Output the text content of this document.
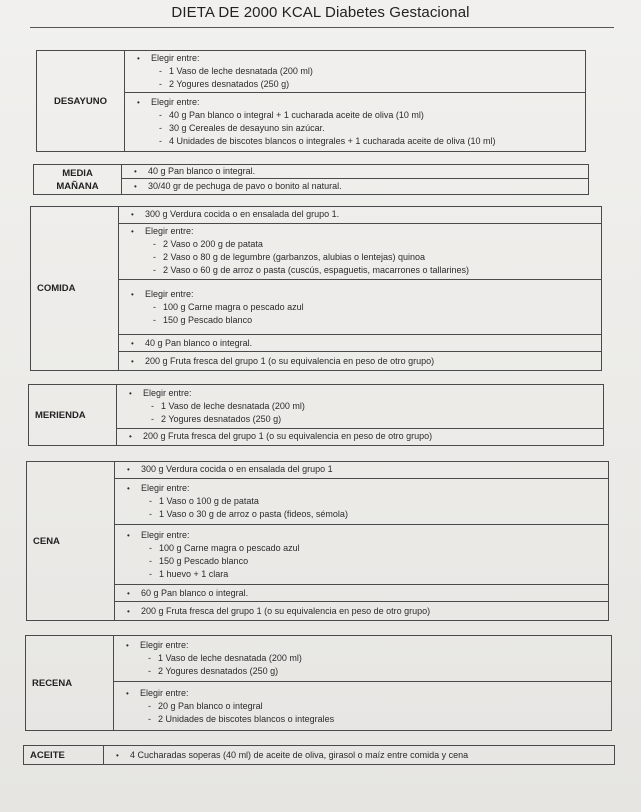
DIETA DE 2000 KCAL Diabetes Gestacional
DESAYUNO
•	Elegir entre:
- 1 Vaso de leche desnatada (200 ml)
- 2 Yogures desnatados (250 g)
•	Elegir entre:
- 40 g Pan blanco o integral + 1 cucharada aceite de oliva (10 ml)
- 30 g Cereales de desayuno sin azúcar.
- 4 Unidades de biscotes blancos o integrales + 1 cucharada aceite de oliva (10 ml)
MEDIA MAÑANA
•	40 g Pan blanco o integral.
•	30/40 gr de pechuga de pavo o bonito al natural.
COMIDA
•	300 g Verdura cocida o en ensalada del grupo 1.
•	Elegir entre:
- 2 Vaso o 200 g de patata
- 2 Vaso o 80 g de legumbre (garbanzos, alubias o lentejas) quinoa
- 2 Vaso o 60 g de arroz o pasta (cuscús, espaguetis, macarrones o tallarines)
•	Elegir entre:
- 100 g Carne magra o pescado azul
- 150 g Pescado blanco
•	40 g Pan blanco o integral.
•	200 g Fruta fresca del grupo 1 (o su equivalencia en peso de otro grupo)
MERIENDA
•	Elegir entre:
- 1 Vaso de leche desnatada (200 ml)
- 2 Yogures desnatados (250 g)
•	200 g Fruta fresca del grupo 1 (o su equivalencia en peso de otro grupo)
CENA
•	300 g Verdura cocida o en ensalada del grupo 1
•	Elegir entre:
- 1 Vaso o 100 g de patata
- 1 Vaso o 30 g de arroz o pasta (fideos, sémola)
•	Elegir entre:
- 100 g Carne magra o pescado azul
- 150 g Pescado blanco
- 1 huevo + 1 clara
•	60 g Pan blanco o integral.
•	200 g Fruta fresca del grupo 1 (o su equivalencia en peso de otro grupo)
RECENA
•	Elegir entre:
- 1 Vaso de leche desnatada (200 ml)
- 2 Yogures desnatados (250 g)
•	Elegir entre:
- 20 g Pan blanco o integral
- 2 Unidades de biscotes blancos o integrales
ACEITE	•	4 Cucharadas soperas (40 ml) de aceite de oliva, girasol o maíz entre comida y cena
